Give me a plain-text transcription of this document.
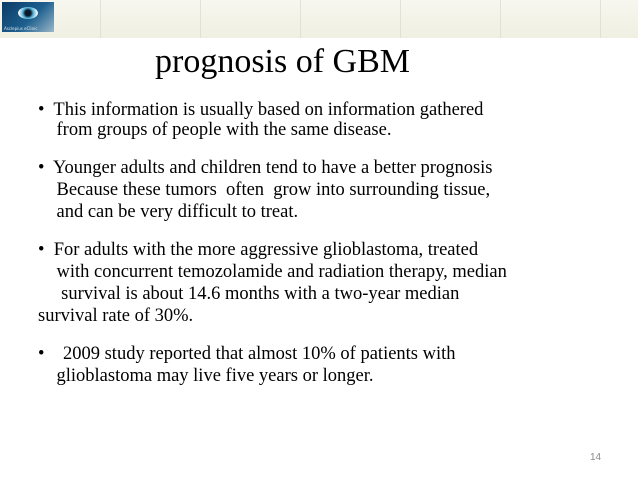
Asclepius eClinic
prognosis of GBM
•  This information is usually based on information gathered
from groups of people with the same disease.
•  Younger adults and children tend to have a better prognosis
Because these tumors  often  grow into surrounding tissue,
and can be very difficult to treat.
•  For adults with the more aggressive glioblastoma, treated
with concurrent temozolamide and radiation therapy, median
survival is about 14.6 months with a two-year median
survival rate of 30%.
•    2009 study reported that almost 10% of patients with
glioblastoma may live five years or longer.
14
